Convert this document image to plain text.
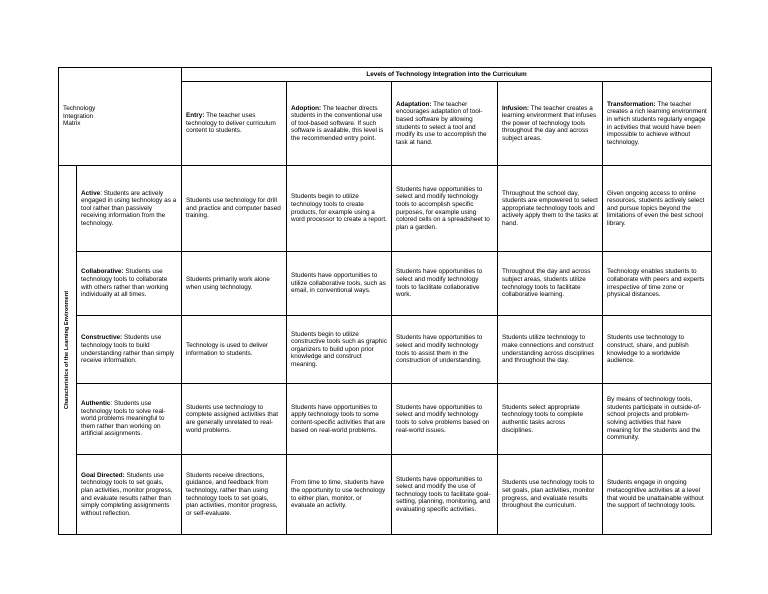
Technology
Integration
Matrix		Levels of Technology Integration into the Curriculum				
		Entry: The teacher uses technology to deliver curriculum content to students.	Adoption: The teacher directs students in the conventional use of tool-based software. If such software is available, this level is the recommended entry point.	Adaptation: The teacher encourages adaptation of tool-based software by allowing students to select a tool and modify its use to accomplish the task at hand.	Infusion: The teacher creates a learning environment that infuses the power of technology tools throughout the day and across subject areas.	Transformation: The teacher creates a rich learning environment in which students regularly engage in activities that would have been impossible to achieve without technology.

Characteristics of the Learning Environment	Active: Students are actively engaged in using technology as a tool rather than passively receiving information from the technology.	Students use technology for drill and practice and computer based training.	Students begin to utilize technology tools to create products, for example using a word processor to create a report.	Students have opportunities to select and modify technology tools to accomplish specific purposes, for example using colored cells on a spreadsheet to plan a garden.	Throughout the school day, students are empowered to select appropriate technology tools and actively apply them to the tasks at hand.	Given ongoing access to online resources, students actively select and pursue topics beyond the limitations of even the best school library.
	Collaborative: Students use technology tools to collaborate with others rather than working individually at all times.	Students primarily work alone when using technology.	Students have opportunities to utilize collaborative tools, such as email, in conventional ways.	Students have opportunities to select and modify technology tools to facilitate collaborative work.	Throughout the day and across subject areas, students utilize technology tools to facilitate collaborative learning.	Technology enables students to collaborate with peers and experts irrespective of time zone or physical distances.
	Constructive: Students use technology tools to build understanding rather than simply receive information.	Technology is used to deliver information to students.	Students begin to utilize constructive tools such as graphic organizers to build upon prior knowledge and construct meaning.	Students have opportunities to select and modify technology tools to assist them in the construction of understanding.	Students utilize technology to make connections and construct understanding across disciplines and throughout the day.	Students use technology to construct, share, and publish knowledge to a worldwide audience.
	Authentic: Students use technology tools to solve real-world problems meaningful to them rather than working on artificial assignments.	Students use technology to complete assigned activities that are generally unrelated to real-world problems.	Students have opportunities to apply technology tools to some content-specific activities that are based on real-world problems.	Students have opportunities to select and modify technology tools to solve problems based on real-world issues.	Students select appropriate technology tools to complete authentic tasks across disciplines.	By means of technology tools, students participate in outside-of-school projects and problem-solving activities that have meaning for the students and the community.
	Goal Directed: Students use technology tools to set goals, plan activities, monitor progress, and evaluate results rather than simply completing assignments without reflection.	Students receive directions, guidance, and feedback from technology, rather than using technology tools to set goals, plan activities, monitor progress, or self-evaluate.	From time to time, students have the opportunity to use technology to either plan, monitor, or evaluate an activity.	Students have opportunities to select and modify the use of technology tools to facilitate goal-setting, planning, monitoring, and evaluating specific activities.	Students use technology tools to set goals, plan activities, monitor progress, and evaluate results throughout the curriculum.	Students engage in ongoing metacognitive activities at a level that would be unattainable without the support of technology tools.
